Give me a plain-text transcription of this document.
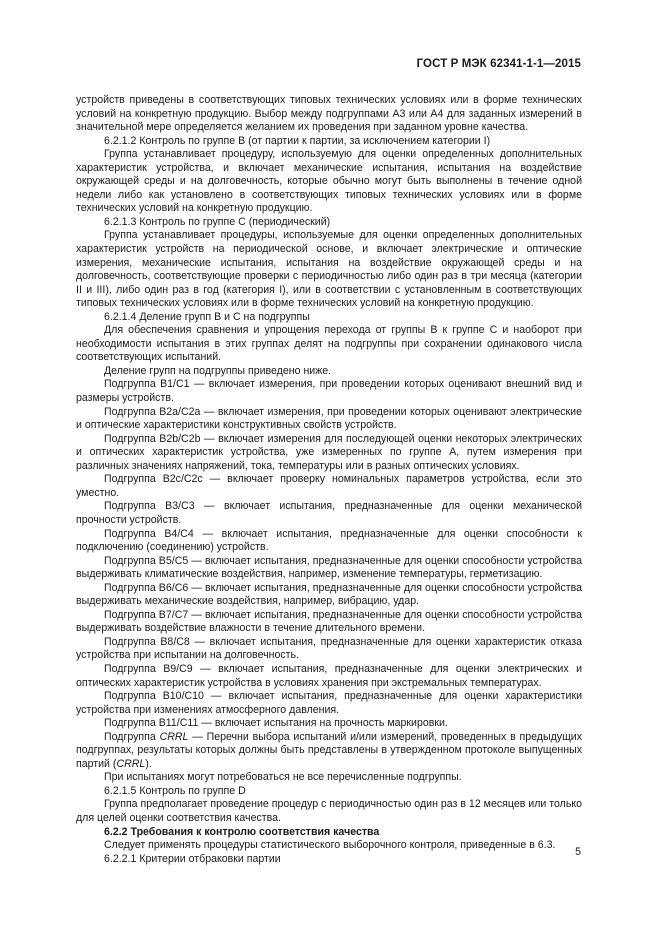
ГОСТ Р МЭК 62341-1-1—2015

устройств приведены в соответствующих типовых технических условиях или в форме технических условий на конкретную продукцию. Выбор между подгруппами А3 или А4 для заданных измерений в значительной мере определяется желанием их проведения при заданном уровне качества.

6.2.1.2 Контроль по группе В (от партии к партии, за исключением категории I)

Группа устанавливает процедуру, используемую для оценки определенных дополнительных характеристик устройства, и включает механические испытания, испытания на воздействие окружающей среды и на долговечность, которые обычно могут быть выполнены в течение одной недели либо как установлено в соответствующих типовых технических условиях или в форме технических условий на конкретную продукцию.

6.2.1.3 Контроль по группе С (периодический)

Группа устанавливает процедуры, используемые для оценки определенных дополнительных характеристик устройств на периодической основе, и включает электрические и оптические измерения, механические испытания, испытания на воздействие окружающей среды и на долговечность, соответствующие проверки с периодичностью либо один раз в три месяца (категории II и III), либо один раз в год (категория I), или в соответствии с установленным в соответствующих типовых технических условиях или в форме технических условий на конкретную продукцию.

6.2.1.4 Деление групп В и С на подгруппы

Для обеспечения сравнения и упрощения перехода от группы В к группе С и наоборот при необходимости испытания в этих группах делят на подгруппы при сохранении одинакового числа соответствующих испытаний.

Деление групп на подгруппы приведено ниже.

Подгруппа В1/С1 — включает измерения, при проведении которых оценивают внешний вид и размеры устройств.

Подгруппа В2а/С2а — включает измерения, при проведении которых оценивают электрические и оптические характеристики конструктивных свойств устройств.

Подгруппа В2b/C2b — включает измерения для последующей оценки некоторых электрических и оптических характеристик устройства, уже измеренных по группе А, путем измерения при различных значениях напряжений, тока, температуры или в разных оптических условиях.

Подгруппа В2с/С2с — включает проверку номинальных параметров устройства, если это уместно.

Подгруппа В3/С3 — включает испытания, предназначенные для оценки механической прочности устройств.

Подгруппа В4/С4 — включает испытания, предназначенные для оценки способности к подключению (соединению) устройств.

Подгруппа В5/С5 — включает испытания, предназначенные для оценки способности устройства выдерживать климатические воздействия, например, изменение температуры, герметизацию.

Подгруппа В6/С6 — включает испытания, предназначенные для оценки способности устройства выдерживать механические воздействия, например, вибрацию, удар.

Подгруппа В7/С7 — включает испытания, предназначенные для оценки способности устройства выдерживать воздействие влажности в течение длительного времени.

Подгруппа В8/С8 — включает испытания, предназначенные для оценки характеристик отказа устройства при испытании на долговечность.

Подгруппа В9/С9 — включает испытания, предназначенные для оценки электрических и оптических характеристик устройства в условиях хранения при экстремальных температурах.

Подгруппа В10/С10 — включает испытания, предназначенные для оценки характеристики устройства при изменениях атмосферного давления.

Подгруппа В11/С11 — включает испытания на прочность маркировки.

Подгруппа CRRL — Перечни выбора испытаний и/или измерений, проведенных в предыдущих подгруппах, результаты которых должны быть представлены в утвержденном протоколе выпущенных партий (CRRL).

При испытаниях могут потребоваться не все перечисленные подгруппы.

6.2.1.5 Контроль по группе D

Группа предполагает проведение процедур с периодичностью один раз в 12 месяцев или только для целей оценки соответствия качества.

6.2.2 Требования к контролю соответствия качества

Следует применять процедуры статистического выборочного контроля, приведенные в 6.3.

6.2.2.1 Критерии отбраковки партии

5
